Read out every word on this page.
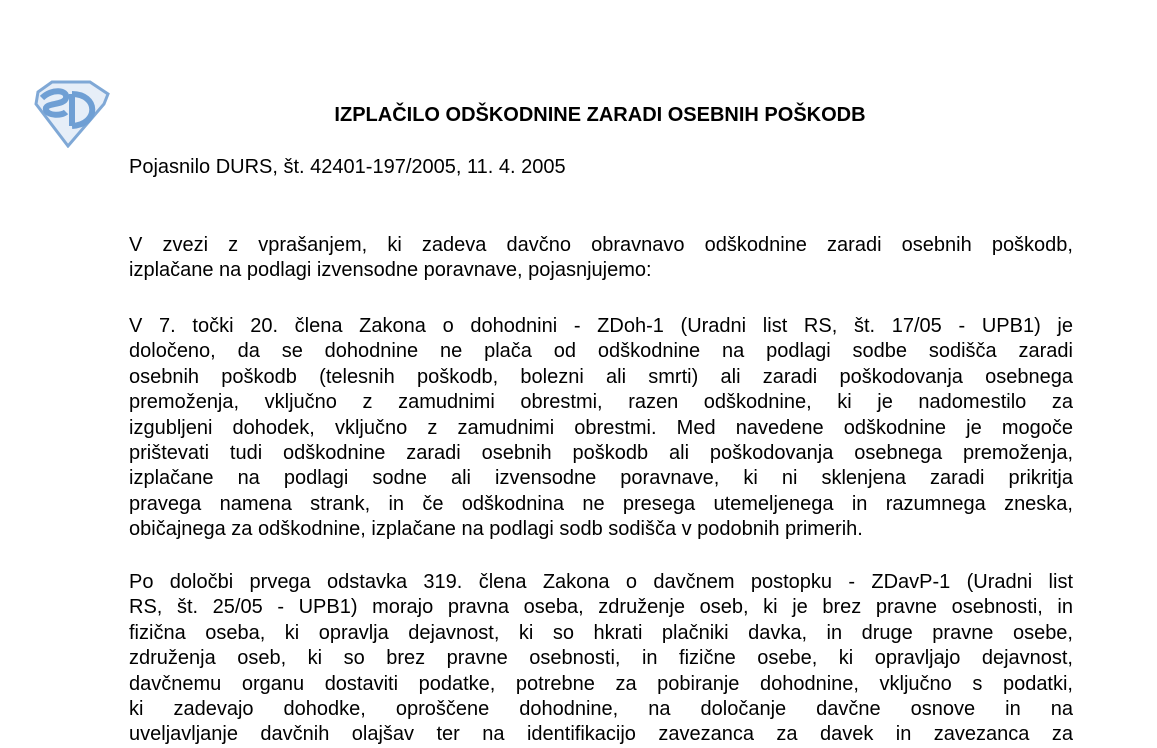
IZPLAČILO ODŠKODNINE ZARADI OSEBNIH POŠKODB
Pojasnilo DURS, št. 42401-197/2005, 11. 4. 2005
V zvezi z vprašanjem, ki zadeva davčno obravnavo odškodnine zaradi osebnih poškodb,
izplačane na podlagi izvensodne poravnave, pojasnjujemo:
V 7. točki 20. člena Zakona o dohodnini - ZDoh-1 (Uradni list RS, št. 17/05 - UPB1) je
določeno, da se dohodnine ne plača od odškodnine na podlagi sodbe sodišča zaradi
osebnih poškodb (telesnih poškodb, bolezni ali smrti) ali zaradi poškodovanja osebnega
premoženja, vključno z zamudnimi obrestmi, razen odškodnine, ki je nadomestilo za
izgubljeni dohodek, vključno z zamudnimi obrestmi. Med navedene odškodnine je mogoče
prištevati tudi odškodnine zaradi osebnih poškodb ali poškodovanja osebnega premoženja,
izplačane na podlagi sodne ali izvensodne poravnave, ki ni sklenjena zaradi prikritja
pravega namena strank, in če odškodnina ne presega utemeljenega in razumnega zneska,
običajnega za odškodnine, izplačane na podlagi sodb sodišča v podobnih primerih.
Po določbi prvega odstavka 319. člena Zakona o davčnem postopku - ZDavP-1 (Uradni list
RS, št. 25/05 - UPB1) morajo pravna oseba, združenje oseb, ki je brez pravne osebnosti, in
fizična oseba, ki opravlja dejavnost, ki so hkrati plačniki davka, in druge pravne osebe,
združenja oseb, ki so brez pravne osebnosti, in fizične osebe, ki opravljajo dejavnost,
davčnemu organu dostaviti podatke, potrebne za pobiranje dohodnine, vključno s podatki,
ki zadevajo dohodke, oproščene dohodnine, na določanje davčne osnove in na
uveljavljanje davčnih olajšav ter na identifikacijo zavezanca za davek in zavezanca za
